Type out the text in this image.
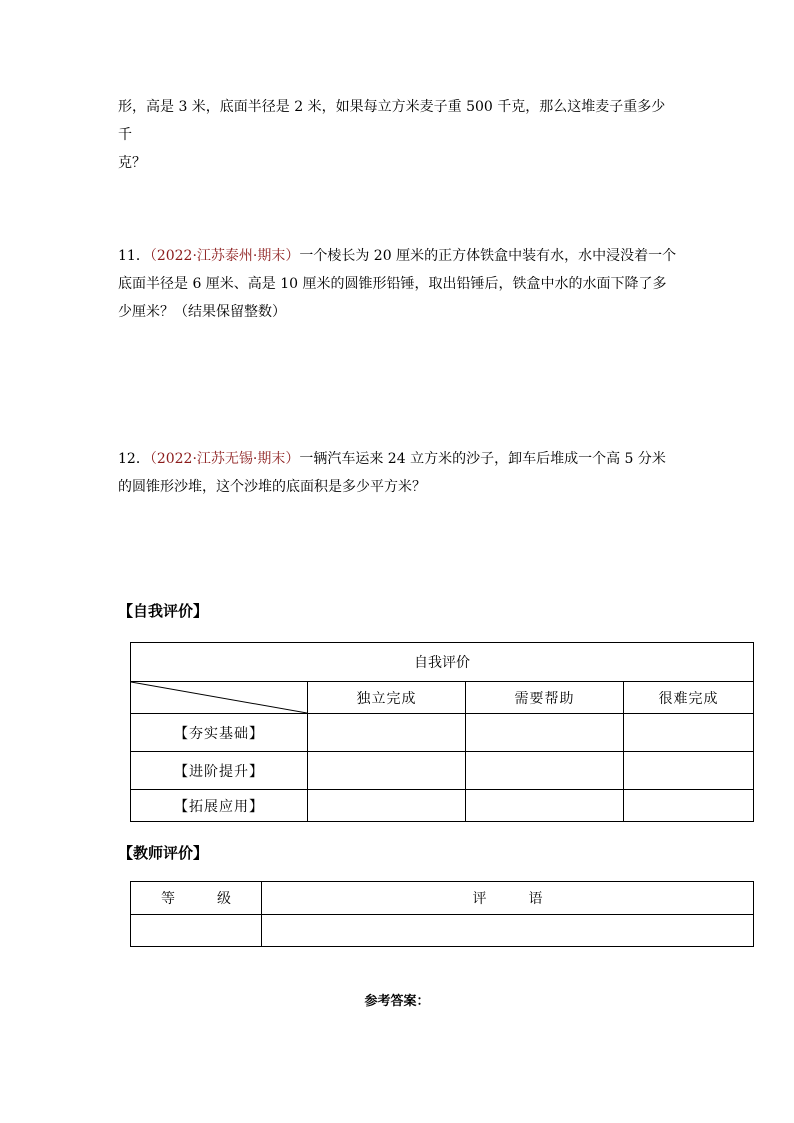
形，高是 3 米，底面半径是 2 米，如果每立方米麦子重 500 千克，那么这堆麦子重多少千
克？

11．（2022·江苏泰州·期末）一个棱长为 20 厘米的正方体铁盒中装有水，水中浸没着一个底面半径是 6 厘米、高是 10 厘米的圆锥形铅锤，取出铅锤后，铁盒中水的水面下降了多少厘米？（结果保留整数）

12．（2022·江苏无锡·期末）一辆汽车运来 24 立方米的沙子，卸车后堆成一个高 5 分米的圆锥形沙堆，这个沙堆的底面积是多少平方米？

【自我评价】

自我评价			

	独立完成	需要帮助	很难完成
【夯实基础】			
【进阶提升】			
【拓展应用】			

【教师评价】

等　　　级	评　　　语

参考答案：
